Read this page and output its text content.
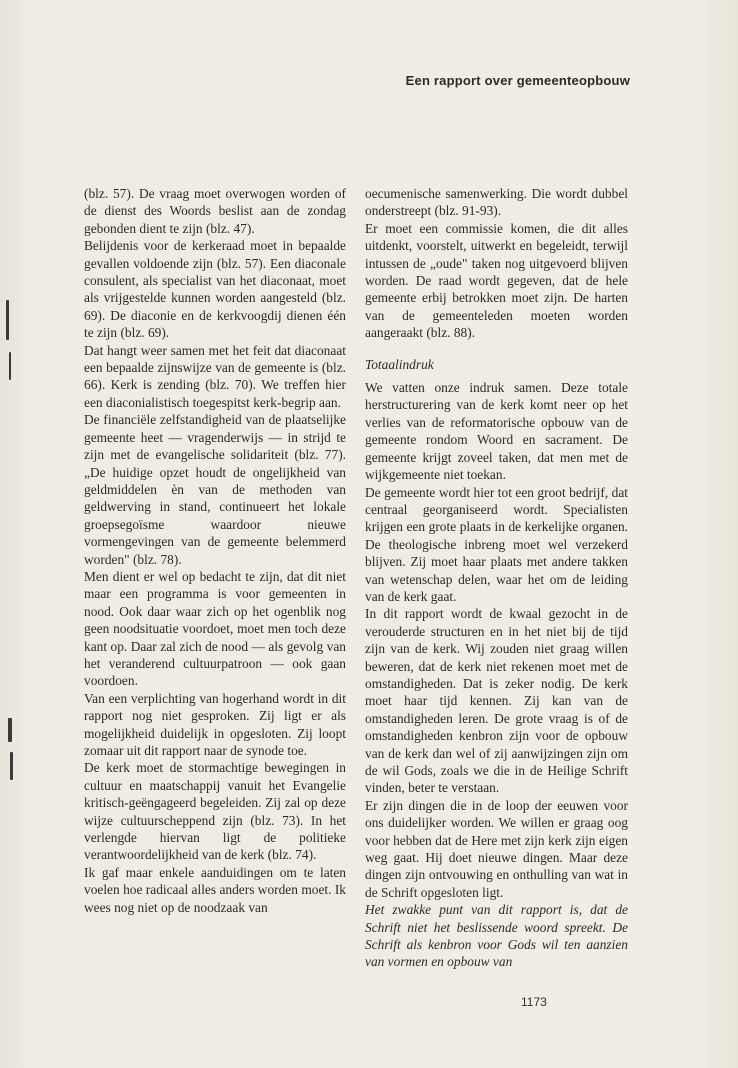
Een rapport over gemeenteopbouw

(blz. 57). De vraag moet overwogen worden of de dienst des Woords beslist aan de zondag gebonden dient te zijn (blz. 47).

Belijdenis voor de kerkeraad moet in bepaalde gevallen voldoende zijn (blz. 57). Een diaconale consulent, als specialist van het diaconaat, moet als vrijgestelde kunnen worden aangesteld (blz. 69). De diaconie en de kerkvoogdij dienen één te zijn (blz. 69).

Dat hangt weer samen met het feit dat diaconaat een bepaalde zijnswijze van de gemeente is (blz. 66). Kerk is zending (blz. 70). We treffen hier een diaconialistisch toegespitst kerk-begrip aan.

De financiële zelfstandigheid van de plaatselijke gemeente heet — vragenderwijs — in strijd te zijn met de evangelische solidariteit (blz. 77). „De huidige opzet houdt de ongelijkheid van geldmiddelen èn van de methoden van geldwerving in stand, continueert het lokale groepsegoïsme waardoor nieuwe vormengevingen van de gemeente belemmerd worden" (blz. 78).

Men dient er wel op bedacht te zijn, dat dit niet maar een programma is voor gemeenten in nood. Ook daar waar zich op het ogenblik nog geen noodsituatie voordoet, moet men toch deze kant op. Daar zal zich de nood — als gevolg van het veranderend cultuurpatroon — ook gaan voordoen.

Van een verplichting van hogerhand wordt in dit rapport nog niet gesproken. Zij ligt er als mogelijkheid duidelijk in opgesloten. Zij loopt zomaar uit dit rapport naar de synode toe.

De kerk moet de stormachtige bewegingen in cultuur en maatschappij vanuit het Evangelie kritisch-geëngageerd begeleiden. Zij zal op deze wijze cultuurscheppend zijn (blz. 73). In het verlengde hiervan ligt de politieke verantwoordelijkheid van de kerk (blz. 74).

Ik gaf maar enkele aanduidingen om te laten voelen hoe radicaal alles anders worden moet. Ik wees nog niet op de noodzaak van

oecumenische samenwerking. Die wordt dubbel onderstreept (blz. 91-93).

Er moet een commissie komen, die dit alles uitdenkt, voorstelt, uitwerkt en begeleidt, terwijl intussen de „oude" taken nog uitgevoerd blijven worden. De raad wordt gegeven, dat de hele gemeente erbij betrokken moet zijn. De harten van de gemeenteleden moeten worden aangeraakt (blz. 88).

Totaalindruk

We vatten onze indruk samen. Deze totale herstructurering van de kerk komt neer op het verlies van de reformatorische opbouw van de gemeente rondom Woord en sacrament. De gemeente krijgt zoveel taken, dat men met de wijkgemeente niet toekan.

De gemeente wordt hier tot een groot bedrijf, dat centraal georganiseerd wordt. Specialisten krijgen een grote plaats in de kerkelijke organen. De theologische inbreng moet wel verzekerd blijven. Zij moet haar plaats met andere takken van wetenschap delen, waar het om de leiding van de kerk gaat.

In dit rapport wordt de kwaal gezocht in de verouderde structuren en in het niet bij de tijd zijn van de kerk. Wij zouden niet graag willen beweren, dat de kerk niet rekenen moet met de omstandigheden. Dat is zeker nodig. De kerk moet haar tijd kennen. Zij kan van de omstandigheden leren. De grote vraag is of de omstandigheden kenbron zijn voor de opbouw van de kerk dan wel of zij aanwijzingen zijn om de wil Gods, zoals we die in de Heilige Schrift vinden, beter te verstaan.

Er zijn dingen die in de loop der eeuwen voor ons duidelijker worden. We willen er graag oog voor hebben dat de Here met zijn kerk zijn eigen weg gaat. Hij doet nieuwe dingen. Maar deze dingen zijn ontvouwing en onthulling van wat in de Schrift opgesloten ligt.

Het zwakke punt van dit rapport is, dat de Schrift niet het beslissende woord spreekt. De Schrift als kenbron voor Gods wil ten aanzien van vormen en opbouw van

1173
